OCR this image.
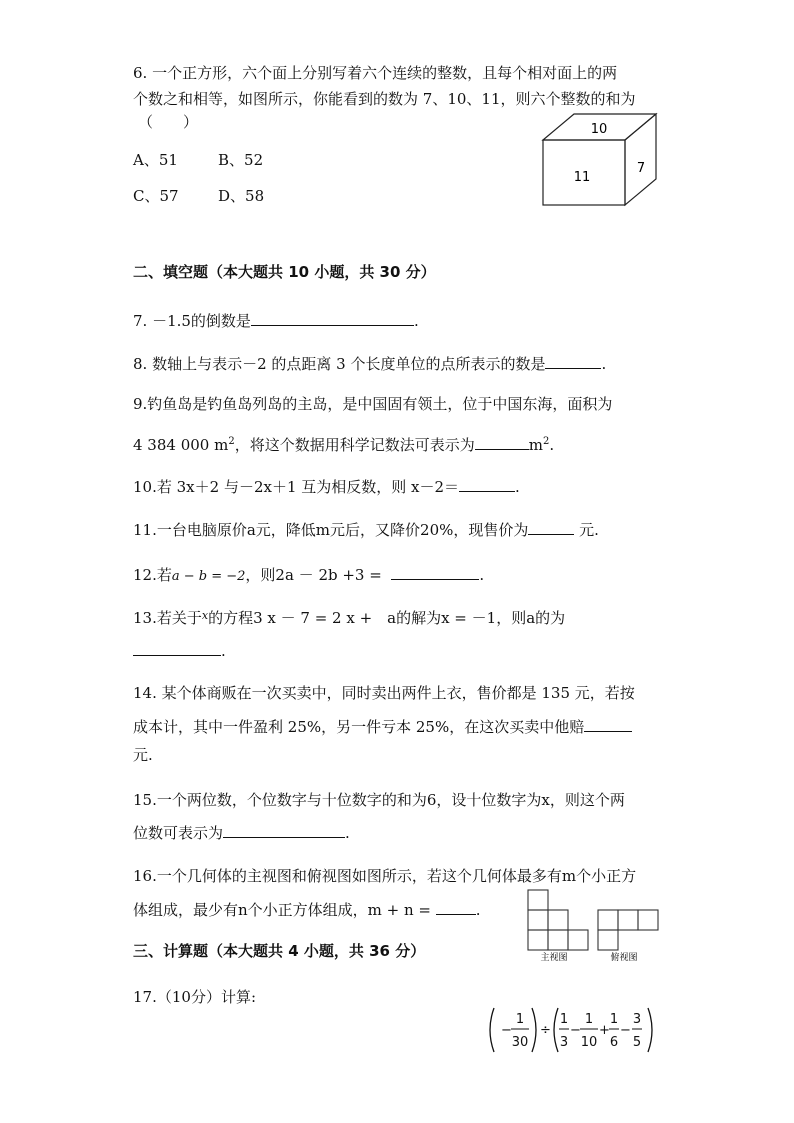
6. 一个正方形，六个面上分别写着六个连续的整数，且每个相对面上的两
个数之和相等，如图所示，你能看到的数为 7、10、11，则六个整数的和为
（　　）
A、51	B、52
C、57	D、58
10
11
7
二、填空题（本大题共 10 小题，共 30 分）
7. －1.5的倒数是	.
8. 数轴上与表示－2 的点距离 3 个长度单位的点所表示的数是	.
9.钓鱼岛是钓鱼岛列岛的主岛，是中国固有领土，位于中国东海，面积为
4 384 000 $m^2$，将这个数据用科学记数法可表示为	$m^2$.
10.若 3x＋2 与－2x＋1 互为相反数，则 x－2＝	.
11.一台电脑原价a元，降低m元后，又降价20%，现售价为	元.
12.若a − b = −2，则2a － 2b +3 =	.
13.若关于$^x$的方程3 x － 7 = 2 x +　a的解为x = －1，则a的为
.
14. 某个体商贩在一次买卖中，同时卖出两件上衣，售价都是 135 元，若按
成本计，其中一件盈利 25%，另一件亏本 25%，在这次买卖中他赔
元.
15.一个两位数，个位数字与十位数字的和为6，设十位数字为x，则这个两
位数可表示为	.
16.一个几何体的主视图和俯视图如图所示，若这个几何体最多有m个小正方
体组成，最少有n个小正方体组成，m + n =	.
主视图	俯视图
三、计算题（本大题共 4 小题，共 36 分）
17.（10分）计算:
−
1
30
÷
1
3
−
1
10
+
1
6
−
3
5
